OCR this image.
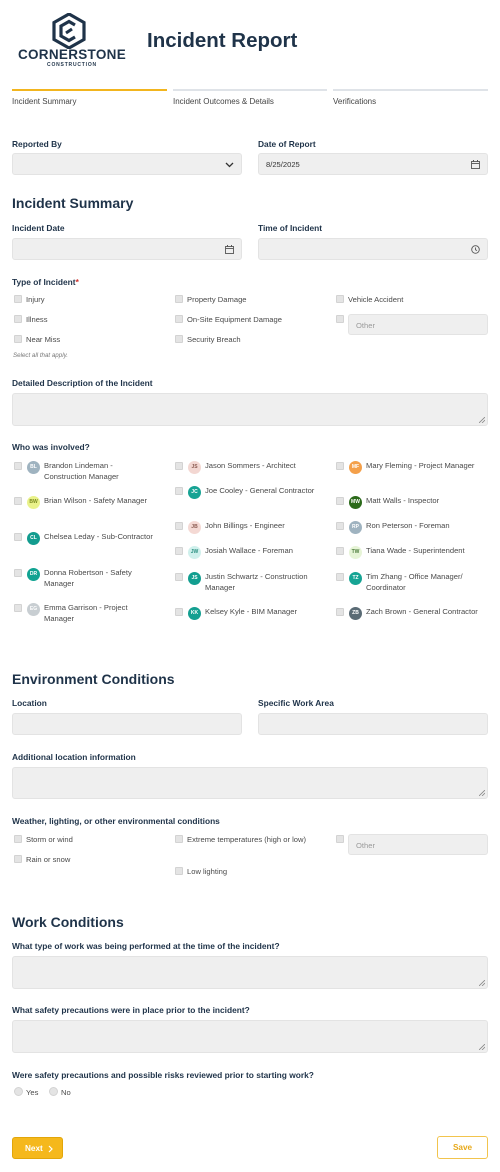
CORNERSTONE
CONSTRUCTION
Incident Report
Incident Summary	Incident Outcomes & Details	Verifications
Reported By	Date of Report
8/25/2025
Incident Summary
Incident Date	Time of Incident
Type of Incident*
Injury
Illness
Near Miss
Property Damage
On-Site Equipment Damage
Security Breach
Vehicle Accident
Other
Select all that apply.
Detailed Description of the Incident
Who was involved?
BL Brandon Lindeman - Construction Manager
BW Brian Wilson - Safety Manager
CL Chelsea Leday - Sub-Contractor
DR Donna Robertson - Safety Manager
EG Emma Garrison - Project Manager
JS Jason Sommers - Architect
JC Joe Cooley - General Contractor
JB John Billings - Engineer
JW Josiah Wallace - Foreman
JS Justin Schwartz - Construction Manager
KK Kelsey Kyle - BIM Manager
MF Mary Fleming - Project Manager
MW Matt Walls - Inspector
RP Ron Peterson - Foreman
TW Tiana Wade - Superintendent
TZ Tim Zhang - Office Manager/ Coordinator
ZB Zach Brown - General Contractor
Environment Conditions
Location	Specific Work Area
Additional location information
Weather, lighting, or other environmental conditions
Storm or wind
Rain or snow
Extreme temperatures (high or low)
Low lighting
Other
Work Conditions
What type of work was being performed at the time of the incident?
What safety precautions were in place prior to the incident?
Were safety precautions and possible risks reviewed prior to starting work?
Yes	No
Next	Save
